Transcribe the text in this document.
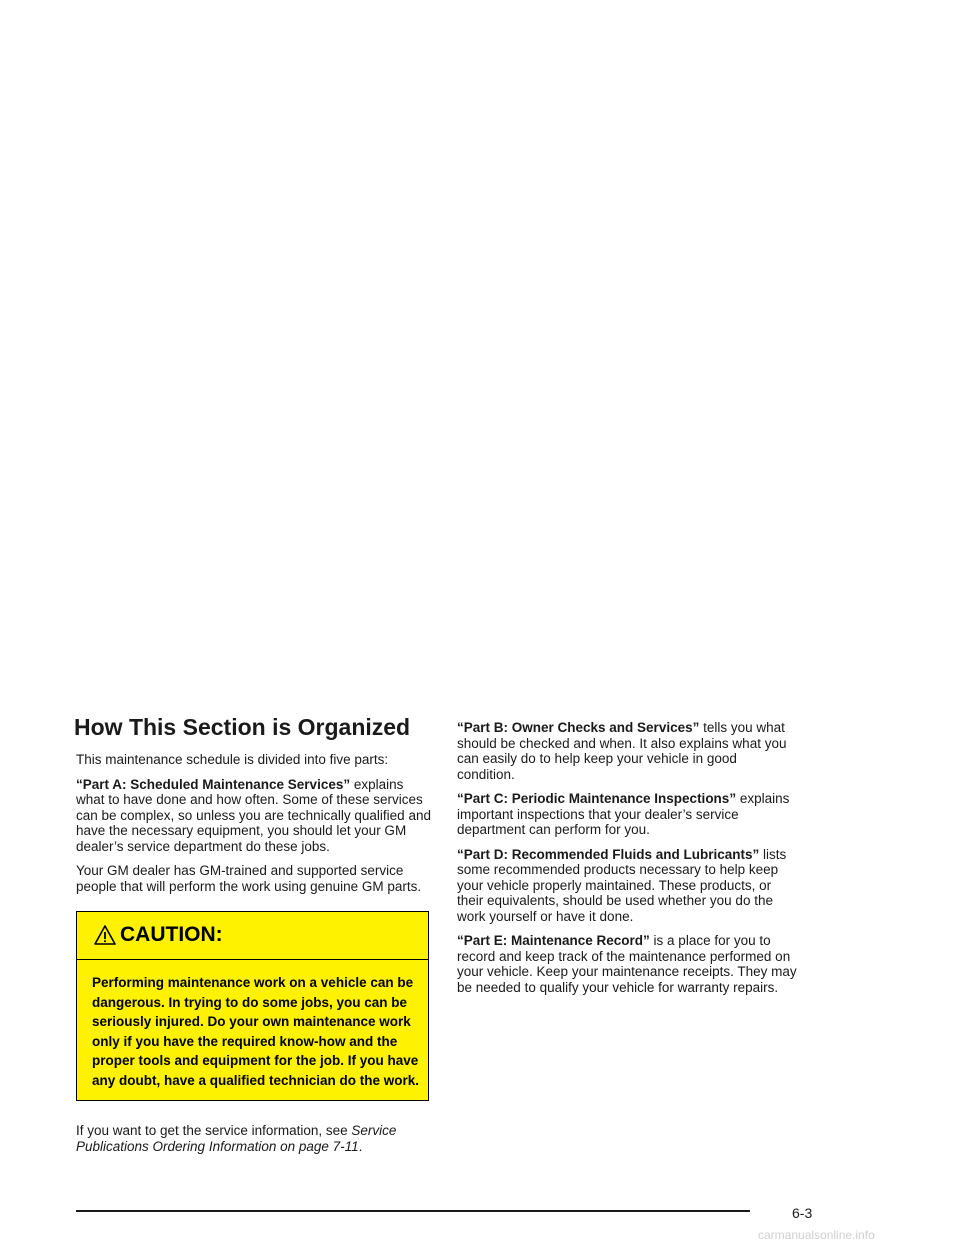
How This Section is Organized

This maintenance schedule is divided into five parts:

“Part A: Scheduled Maintenance Services” explains what to have done and how often. Some of these services can be complex, so unless you are technically qualified and have the necessary equipment, you should let your GM dealer’s service department do these jobs.

Your GM dealer has GM-trained and supported service people that will perform the work using genuine GM parts.

CAUTION:
Performing maintenance work on a vehicle can be dangerous. In trying to do some jobs, you can be seriously injured. Do your own maintenance work only if you have the required know-how and the proper tools and equipment for the job. If you have any doubt, have a qualified technician do the work.

If you want to get the service information, see Service Publications Ordering Information on page 7-11.

“Part B: Owner Checks and Services” tells you what should be checked and when. It also explains what you can easily do to help keep your vehicle in good condition.

“Part C: Periodic Maintenance Inspections” explains important inspections that your dealer’s service department can perform for you.

“Part D: Recommended Fluids and Lubricants” lists some recommended products necessary to help keep your vehicle properly maintained. These products, or their equivalents, should be used whether you do the work yourself or have it done.

“Part E: Maintenance Record” is a place for you to record and keep track of the maintenance performed on your vehicle. Keep your maintenance receipts. They may be needed to qualify your vehicle for warranty repairs.

6-3
carmanualsonline.info
